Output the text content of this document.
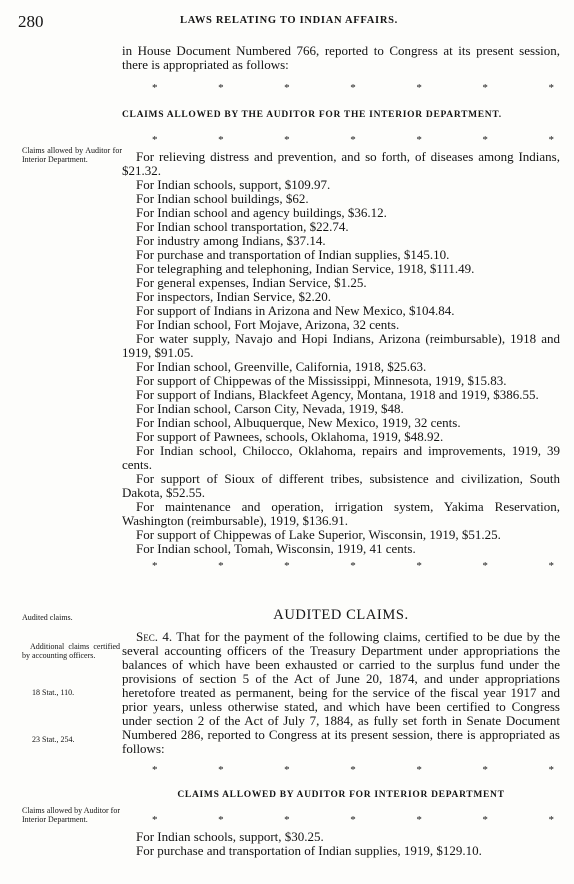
280	LAWS RELATING TO INDIAN AFFAIRS.
Claims allowed by Auditor for Interior Department.
Audited claims.
Additional claims certified by accounting officers.
18 Stat., 110.
23 Stat., 254.
Claims allowed by Auditor for Interior Department.

in House Document Numbered 766, reported to Congress at its present session, there is appropriated as follows:

*	*	*	*	*	*	*
CLAIMS ALLOWED BY THE AUDITOR FOR THE INTERIOR DEPARTMENT.
*	*	*	*	*	*	*

For relieving distress and prevention, and so forth, of diseases among Indians, $21.32.

For Indian schools, support, $109.97.

For Indian school buildings, $62.

For Indian school and agency buildings, $36.12.

For Indian school transportation, $22.74.

For industry among Indians, $37.14.

For purchase and transportation of Indian supplies, $145.10.

For telegraphing and telephoning, Indian Service, 1918, $111.49.

For general expenses, Indian Service, $1.25.

For inspectors, Indian Service, $2.20.

For support of Indians in Arizona and New Mexico, $104.84.

For Indian school, Fort Mojave, Arizona, 32 cents.

For water supply, Navajo and Hopi Indians, Arizona (reimbursable), 1918 and 1919, $91.05.

For Indian school, Greenville, California, 1918, $25.63.

For support of Chippewas of the Mississippi, Minnesota, 1919, $15.83.

For support of Indians, Blackfeet Agency, Montana, 1918 and 1919, $386.55.

For Indian school, Carson City, Nevada, 1919, $48.

For Indian school, Albuquerque, New Mexico, 1919, 32 cents.

For support of Pawnees, schools, Oklahoma, 1919, $48.92.

For Indian school, Chilocco, Oklahoma, repairs and improvements, 1919, 39 cents.

For support of Sioux of different tribes, subsistence and civilization, South Dakota, $52.55.

For maintenance and operation, irrigation system, Yakima Reservation, Washington (reimbursable), 1919, $136.91.

For support of Chippewas of Lake Superior, Wisconsin, 1919, $51.25.

For Indian school, Tomah, Wisconsin, 1919, 41 cents.

*	*	*	*	*	*	*
AUDITED CLAIMS.

Sec. 4. That for the payment of the following claims, certified to be due by the several accounting officers of the Treasury Department under appropriations the balances of which have been exhausted or carried to the surplus fund under the provisions of section 5 of the Act of June 20, 1874, and under appropriations heretofore treated as permanent, being for the service of the fiscal year 1917 and prior years, unless otherwise stated, and which have been certified to Congress under section 2 of the Act of July 7, 1884, as fully set forth in Senate Document Numbered 286, reported to Congress at its present session, there is appropriated as follows:

*	*	*	*	*	*	*
CLAIMS ALLOWED BY AUDITOR FOR INTERIOR DEPARTMENT
*	*	*	*	*	*	*

For Indian schools, support, $30.25.

For purchase and transportation of Indian supplies, 1919, $129.10.
